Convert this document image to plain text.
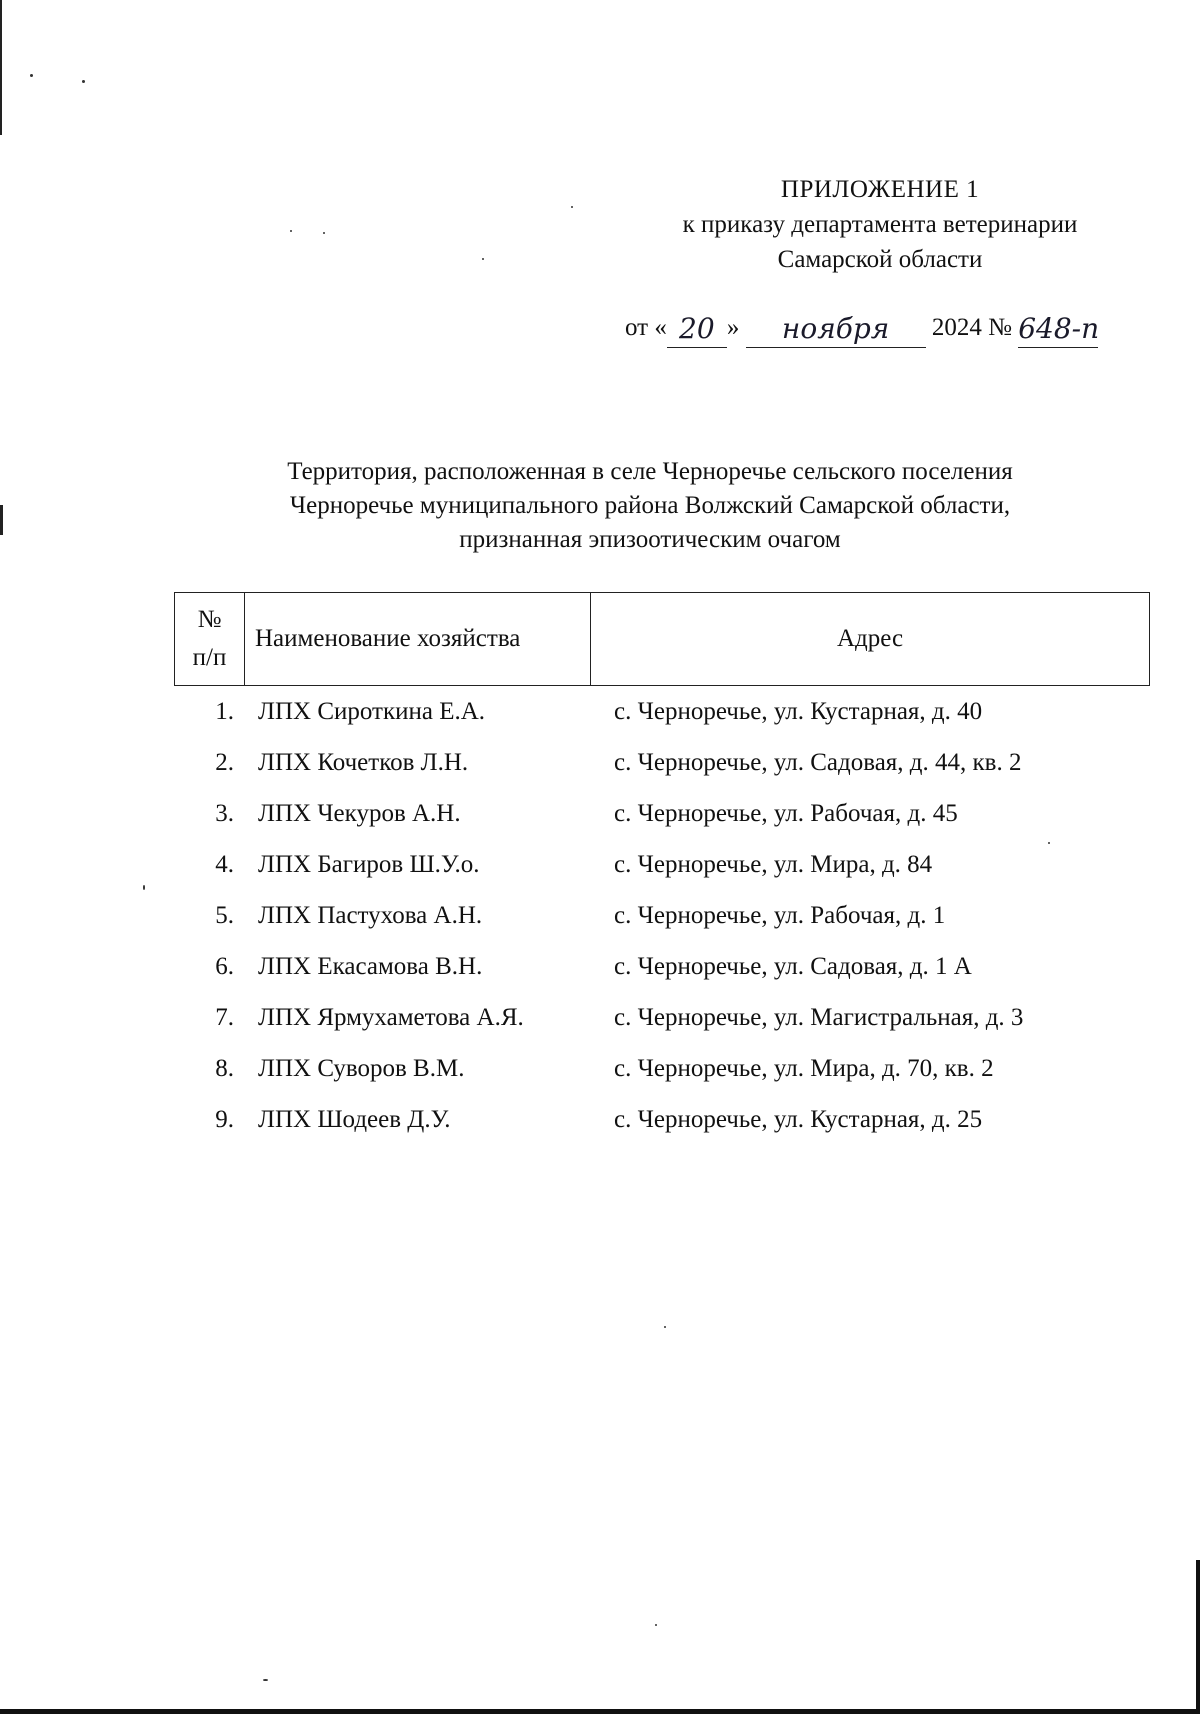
ПРИЛОЖЕНИЕ 1
к приказу департамента ветеринарии
Самарской области
от « 20 » ноября 2024 № 648-п
Территория, расположенная в селе Черноречье сельского поселения
Черноречье муниципального района Волжский Самарской области,
признанная эпизоотическим очагом
№
п/п
Наименование хозяйства	Адрес
1. ЛПХ Сироткина Е.А.	с. Черноречье, ул. Кустарная, д. 40
2. ЛПХ Кочетков Л.Н.	с. Черноречье, ул. Садовая, д. 44, кв. 2
3. ЛПХ Чекуров А.Н.	с. Черноречье, ул. Рабочая, д. 45
4. ЛПХ Багиров Ш.У.о.	с. Черноречье, ул. Мира, д. 84
5. ЛПХ Пастухова А.Н.	с. Черноречье, ул. Рабочая, д. 1
6. ЛПХ Екасамова В.Н.	с. Черноречье, ул. Садовая, д. 1 А
7. ЛПХ Ярмухаметова А.Я.	с. Черноречье, ул. Магистральная, д. 3
8. ЛПХ Суворов В.М.	с. Черноречье, ул. Мира, д. 70, кв. 2
9. ЛПХ Шодеев Д.У.	с. Черноречье, ул. Кустарная, д. 25
